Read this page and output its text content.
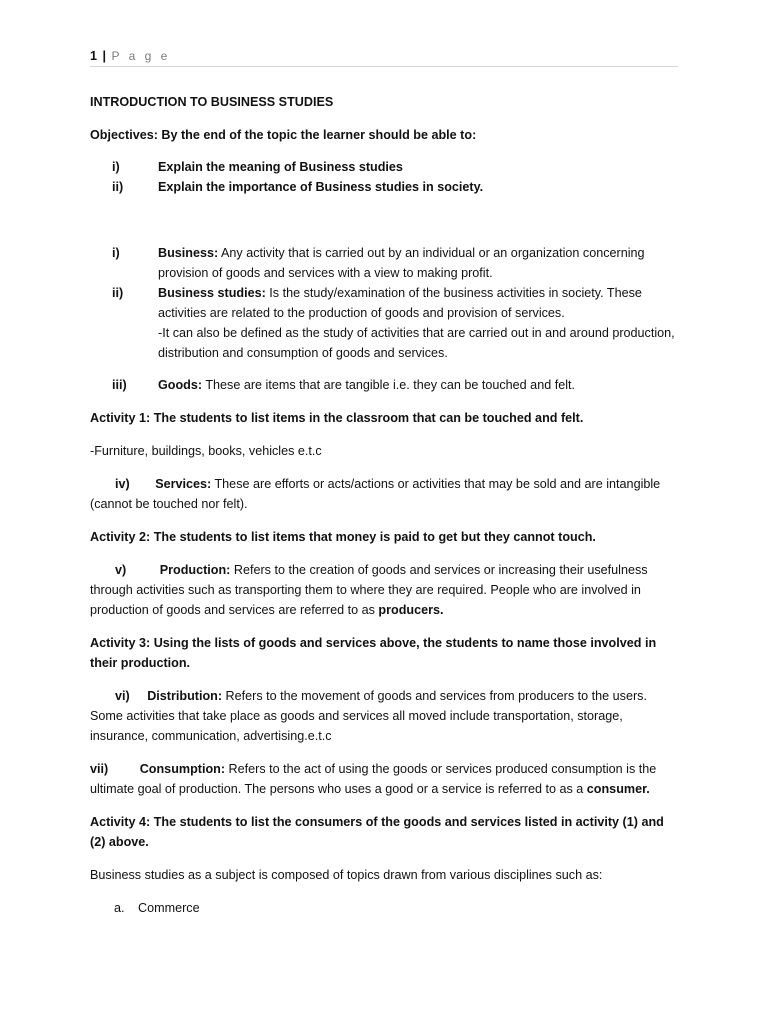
1 | P a g e
INTRODUCTION TO BUSINESS STUDIES
Objectives: By the end of the topic the learner should be able to:
i)	Explain the meaning of Business studies
ii)	Explain the importance of Business studies in society.
i)	Business: Any activity that is carried out by an individual or an organization concerning provision of goods and services with a view to making profit.
ii)	Business studies: Is the study/examination of the business activities in society. These activities are related to the production of goods and provision of services.
-It can also be defined as the study of activities that are carried out in and around production, distribution and consumption of goods and services.
iii)	Goods: These are items that are tangible i.e. they can be touched and felt.
Activity 1: The students to list items in the classroom that can be touched and felt.
-Furniture, buildings, books, vehicles e.t.c
iv) Services: These are efforts or acts/actions or activities that may be sold and are intangible (cannot be touched nor felt).
Activity 2: The students to list items that money is paid to get but they cannot touch.
v)	Production: Refers to the creation of goods and services or increasing their usefulness through activities such as transporting them to where they are required. People who are involved in production of goods and services are referred to as producers.
Activity 3: Using the lists of goods and services above, the students to name those involved in their production.
vi) Distribution: Refers to the movement of goods and services from producers to the users. Some activities that take place as goods and services all moved include transportation, storage, insurance, communication, advertising.e.t.c
vii)	Consumption: Refers to the act of using the goods or services produced consumption is the ultimate goal of production. The persons who uses a good or a service is referred to as a consumer.
Activity 4: The students to list the consumers of the goods and services listed in activity (1) and (2) above.
Business studies as a subject is composed of topics drawn from various disciplines such as:
a. Commerce
